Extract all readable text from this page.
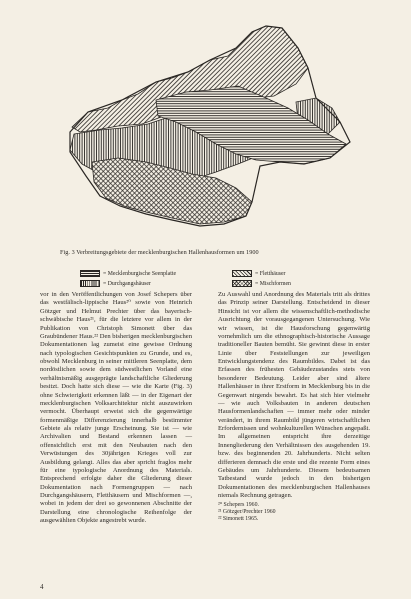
Fig. 3 Verbreitungsgebiete der mecklenburgischen Hallenhausformen um 1900
= Mecklenburgische Seenplatte
= Durchgangshäuser
= Fletthäuser
= Mischformen

vor in den Veröffentlichungen von Josef Schepers über das westfälisch-lippische Haus²⁰ sowie von Heinrich Götzger und Helmut Prechter über das bayerisch-schwäbische Haus²¹, für die letztere vor allem in der Publikation von Christoph Simonett über das Graubündener Haus.²² Den bisherigen mecklenburgischen Dokumentationen lag zumeist eine gewisse Ordnung nach typologischen Gesichtspunkten zu Grunde, und es, obwohl Mecklenburg in seiner mittleren Seenplatte, dem nordöstlichen sowie dem südwestlichen Vorland eine verhältnismäßig ausgeprägte landschaftliche Gliederung besitzt. Doch hatte sich diese — wie die Karte (Fig. 3) ohne Schwierigkeit erkennen läßt — in der Eigenart der mecklenburgischen Volksarchitektur nicht auszuwirken vermocht. Überhaupt erweist sich die gegenwärtige formenmäßige Differenzierung innerhalb bestimmter Gebiete als relativ junge Erscheinung. Sie ist — wie Archivalien und Bestand erkennen lassen — offensichtlich erst mit den Neubauten nach den Verwüstungen des 30jährigen Krieges voll zur Ausbildung gelangt. Alles das aber spricht fraglos mehr für eine typologische Anordnung des Materials. Entsprechend erfolgte daher die Gliederung dieser Dokumentation nach Formengruppen — nach Durchgangshäusern, Fletthäusern und Mischformen —, wobei in jedem der drei so gewonnenen Abschnitte der Darstellung eine chronologische Reihenfolge der ausgewählten Objekte angestrebt wurde.

Zu Auswahl und Anordnung des Materials tritt als drittes das Prinzip seiner Darstellung. Entscheidend in dieser Hinsicht ist vor allem die wissenschaftlich-methodische Ausrichtung der vorausgegangenen Untersuchung. Wie wir wissen, ist die Hausforschung gegenwärtig vornehmlich um die ethnographisch-historische Aussage traditioneller Bauten bemüht. Sie gewinnt diese in erster Linie über Feststellungen zur jeweiligen Entwicklungstendenz des Raumbildes. Dabei ist das Erfassen des frühesten Gebäudezustandes stets von besonderer Bedeutung. Leider aber sind ältere Hallenhäuser in ihrer Erstform in Mecklenburg bis in die Gegenwart nirgends bewahrt. Es hat sich hier vielmehr — wie auch Volksbauten in anderen deutschen Hausformenlandschaften — immer mehr oder minder verändert, in ihrem Raumbild jüngeren wirtschaftlichen Erfordernissen und wohnkulturellen Wünschen angepaßt. Im allgemeinen entspricht ihre derzeitige Innengliederung den Verhältnissen des ausgehenden 19. bzw. des beginnenden 20. Jahrhunderts. Nicht selten differieren demnach die erste und die rezente Form eines Gebäudes um Jahrhunderte. Diesem bedeutsamen Tatbestand wurde jedoch in den bisherigen Dokumentationen des mecklenburgischen Hallenhauses niemals Rechnung getragen.

²⁰ Schepers 1960.
²¹ Götzger/Prechter 1960
²² Simonett 1965.
4
